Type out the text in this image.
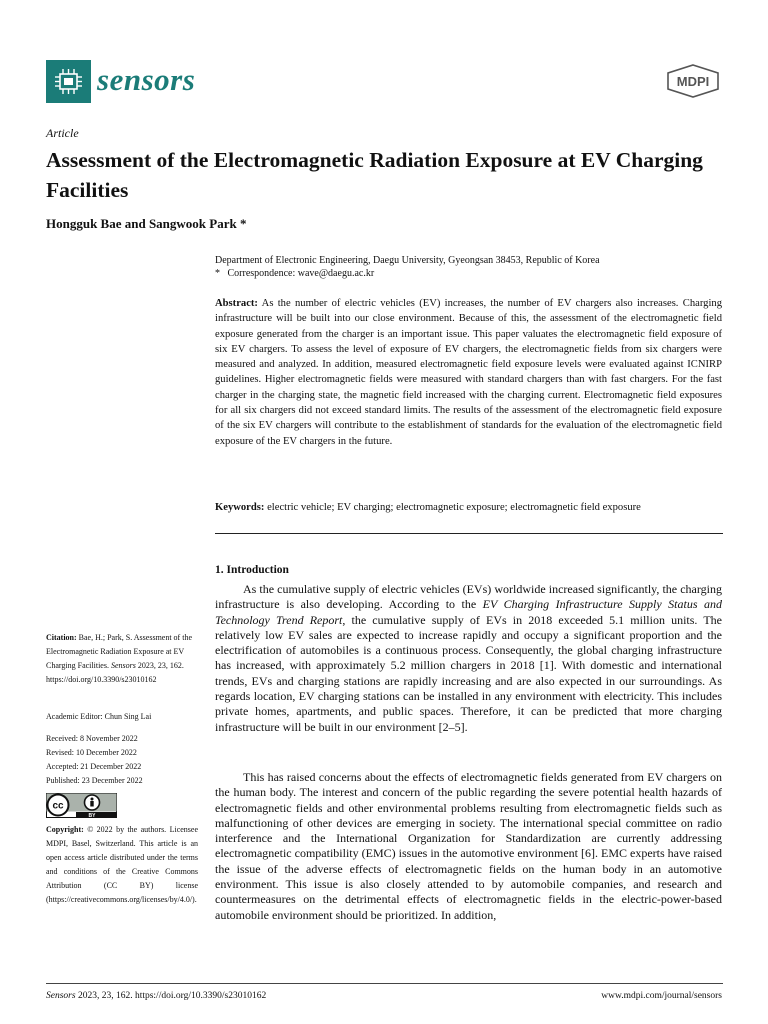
sensors	MDPI
Article
Assessment of the Electromagnetic Radiation Exposure at EV Charging Facilities
Hongguk Bae and Sangwook Park *
Department of Electronic Engineering, Daegu University, Gyeongsan 38453, Republic of Korea
* Correspondence: wave@daegu.ac.kr
Abstract: As the number of electric vehicles (EV) increases, the number of EV chargers also increases. Charging infrastructure will be built into our close environment. Because of this, the assessment of the electromagnetic field exposure generated from the charger is an important issue. This paper valuates the electromagnetic field exposure of six EV chargers. To assess the level of exposure of EV chargers, the electromagnetic fields from six chargers were measured and analyzed. In addition, measured electromagnetic field exposure levels were evaluated against ICNIRP guidelines. Higher electromagnetic fields were measured with standard chargers than with fast chargers. For the fast charger in the charging state, the magnetic field increased with the charging current. Electromagnetic field exposures for all six chargers did not exceed standard limits. The results of the assessment of the electromagnetic field exposure of the six EV chargers will contribute to the establishment of standards for the evaluation of the electromagnetic field exposure of the EV chargers in the future.
Keywords: electric vehicle; EV charging; electromagnetic exposure; electromagnetic field exposure
1. Introduction
As the cumulative supply of electric vehicles (EVs) worldwide increased significantly, the charging infrastructure is also developing. According to the EV Charging Infrastructure Supply Status and Technology Trend Report, the cumulative supply of EVs in 2018 exceeded 5.1 million units. The relatively low EV sales are expected to increase rapidly and occupy a significant proportion and the electrification of automobiles is a continuous process. Consequently, the global charging infrastructure has increased, with approximately 5.2 million chargers in 2018 [1]. With domestic and international trends, EVs and charging stations are rapidly increasing and are also expected in our surroundings. As regards location, EV charging stations can be installed in any environment with electricity. This includes private homes, apartments, and public spaces. Therefore, it can be predicted that more charging infrastructure will be built in our environment [2–5].
This has raised concerns about the effects of electromagnetic fields generated from EV chargers on the human body. The interest and concern of the public regarding the severe potential health hazards of electromagnetic fields and other environmental problems resulting from electromagnetic fields such as malfunctioning of other devices are emerging in society. The international special committee on radio interference and the International Organization for Standardization are currently addressing electromagnetic compatibility (EMC) issues in the automotive environment [6]. EMC experts have raised the issue of the adverse effects of electromagnetic fields on the human body in an automotive environment. This issue is also closely attended to by automobile companies, and research and countermeasures on the detrimental effects of electromagnetic fields in the electric-power-based automobile environment should be prioritized. In addition,
Citation: Bae, H.; Park, S. Assessment of the Electromagnetic Radiation Exposure at EV Charging Facilities. Sensors 2023, 23, 162. https://doi.org/10.3390/s23010162
Academic Editor: Chun Sing Lai
Received: 8 November 2022
Revised: 10 December 2022
Accepted: 21 December 2022
Published: 23 December 2022
cc
BY
Copyright: © 2022 by the authors. Licensee MDPI, Basel, Switzerland. This article is an open access article distributed under the terms and conditions of the Creative Commons Attribution (CC BY) license (https://creativecommons.org/licenses/by/4.0/).
Sensors 2023, 23, 162. https://doi.org/10.3390/s23010162	www.mdpi.com/journal/sensors
